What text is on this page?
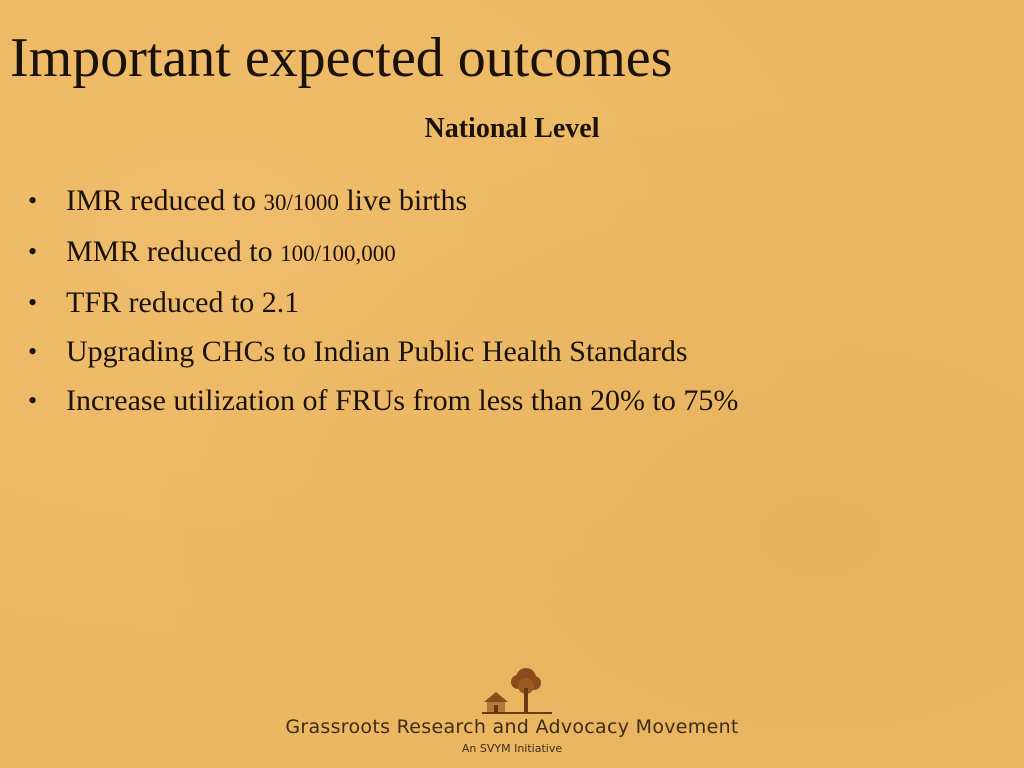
Important expected outcomes
National Level
• IMR reduced to 30/1000 live births
• MMR reduced to 100/100,000
• TFR reduced to 2.1
• Upgrading CHCs to Indian Public Health Standards
• Increase utilization of FRUs from less than 20% to 75%
Grassroots Research and Advocacy Movement
An SVYM Initiative
